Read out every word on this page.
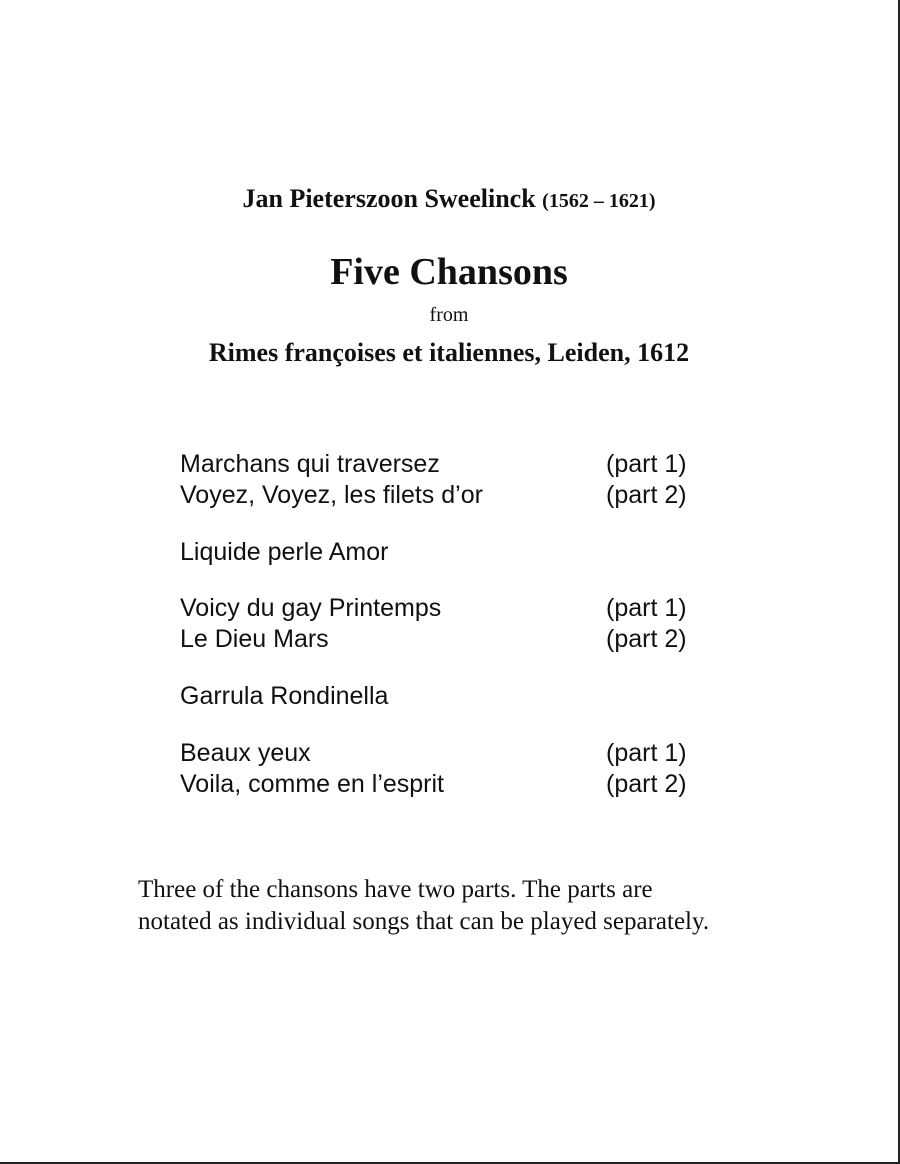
Jan Pieterszoon Sweelinck (1562 – 1621)
Five Chansons
from
Rimes françoises et italiennes, Leiden, 1612
Marchans qui traversez	(part 1)
Voyez, Voyez, les filets d’or	(part 2)
Liquide perle Amor
Voicy du gay Printemps	(part 1)
Le Dieu Mars	(part 2)
Garrula Rondinella
Beaux yeux	(part 1)
Voila, comme en l’esprit	(part 2)

Three of the chansons have two parts. The parts are

notated as individual songs that can be played separately.
